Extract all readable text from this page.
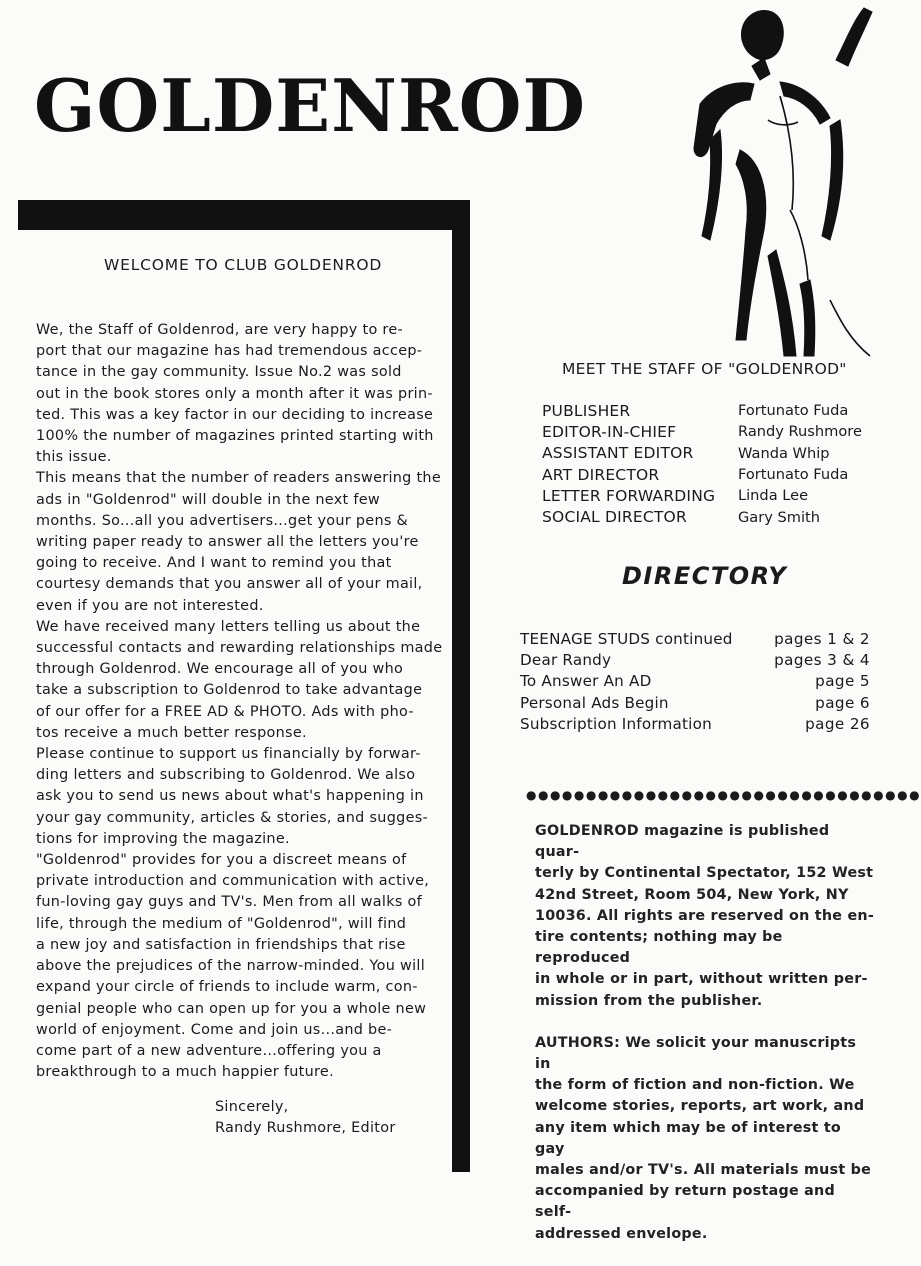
GOLDENROD
WELCOME TO CLUB GOLDENROD

We, the Staff of Goldenrod, are very happy to re-
port that our magazine has had tremendous accep-
tance in the gay community. Issue No.2 was sold
out in the book stores only a month after it was prin-
ted. This was a key factor in our deciding to increase
100% the number of magazines printed starting with
this issue.

This means that the number of readers answering the
ads in "Goldenrod" will double in the next few
months. So...all you advertisers...get your pens &
writing paper ready to answer all the letters you're
going to receive. And I want to remind you that
courtesy demands that you answer all of your mail,
even if you are not interested.

We have received many letters telling us about the
successful contacts and rewarding relationships made
through Goldenrod. We encourage all of you who
take a subscription to Goldenrod to take advantage
of our offer for a FREE AD & PHOTO. Ads with pho-
tos receive a much better response.

Please continue to support us financially by forwar-
ding letters and subscribing to Goldenrod. We also
ask you to send us news about what's happening in
your gay community, articles & stories, and sugges-
tions for improving the magazine.

"Goldenrod" provides for you a discreet means of
private introduction and communication with active,
fun-loving gay guys and TV's. Men from all walks of
life, through the medium of "Goldenrod", will find
a new joy and satisfaction in friendships that rise
above the prejudices of the narrow-minded. You will
expand your circle of friends to include warm, con-
genial people who can open up for you a whole new
world of enjoyment. Come and join us...and be-
come part of a new adventure...offering you a
breakthrough to a much happier future.

Sincerely,
Randy Rushmore, Editor
MEET THE STAFF OF "GOLDENROD"
PUBLISHER	Fortunato Fuda
EDITOR-IN-CHIEF	Randy Rushmore
ASSISTANT EDITOR	Wanda Whip
ART DIRECTOR	Fortunato Fuda
LETTER FORWARDING	Linda Lee
SOCIAL DIRECTOR	Gary Smith
DIRECTORY
TEENAGE STUDS continued	pages 1 & 2
Dear Randy	pages 3 & 4
To Answer An AD	page 5
Personal Ads Begin	page 6
Subscription Information	page 26
●●●●●●●●●●●●●●●●●●●●●●●●●●●●●●●●●

GOLDENROD magazine is published quar-
terly by Continental Spectator, 152 West
42nd Street, Room 504, New York, NY
10036. All rights are reserved on the en-
tire contents; nothing may be reproduced
in whole or in part, without written per-
mission from the publisher.

AUTHORS: We solicit your manuscripts in
the form of fiction and non-fiction. We
welcome stories, reports, art work, and
any item which may be of interest to gay
males and/or TV's. All materials must be
accompanied by return postage and self-
addressed envelope.
